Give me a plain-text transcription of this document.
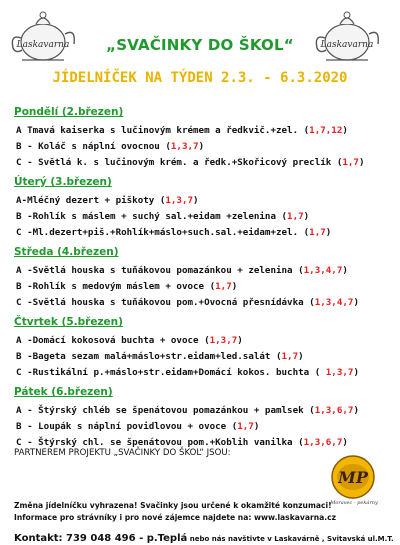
Laskavarna	Laskavarna
„SVAČINKY DO ŠKOL“
JÍDELNÍČEK NA TÝDEN 2.3. - 6.3.2020
Pondělí (2.březen)
A Tmavá kaiserka s lučinovým krémem a ředkvič.+zel. (1,7,12)
B - Koláč s náplní ovocnou (1,3,7)
C - Světlá k. s lučinovým krém. a ředk.+Skořicový preclík (1,7)
Úterý (3.březen)
A-Mléčný dezert + piškoty (1,3,7)
B -Rohlík s máslem + suchý sal.+eidam +zelenina (1,7)
C -Ml.dezert+piš.+Rohlík+máslo+such.sal.+eidam+zel. (1,7)
Středa (4.březen)
A -Světlá houska s tuňákovou pomazánkou + zelenina (1,3,4,7)
B -Rohlík s medovým máslem + ovoce (1,7)
C -Světlá houska s tuňákovou pom.+Ovocná přesnídávka (1,3,4,7)
Čtvrtek (5.březen)
A -Domácí kokosová buchta + ovoce (1,3,7)
B -Bageta sezam malá+máslo+str.eidam+led.salát (1,7)
C -Rustikální p.+máslo+str.eidam+Domácí kokos. buchta ( 1,3,7)
Pátek (6.březen)
A - Štýrský chléb se špenátovou pomazánkou + pamlsek (1,3,6,7)
B - Loupák s náplní povidlovou + ovoce (1,7)
C - Štýrský chl. se špenátovou pom.+Koblih vanilka (1,3,6,7)
PARTNEREM PROJEKTU „SVAČINKY DO ŠKOL“ JSOU:
MP
Moravec - pekárny
Změna jídelníčku vyhrazena! Svačinky jsou určené k okamžité konzumaci!
Informace pro strávníky i pro nové zájemce najdete na: www.laskavarna.cz
Kontakt: 739 048 496 - p.Teplá nebo nás navštivte v Laskavárně , Svitavská ul.M.T.
